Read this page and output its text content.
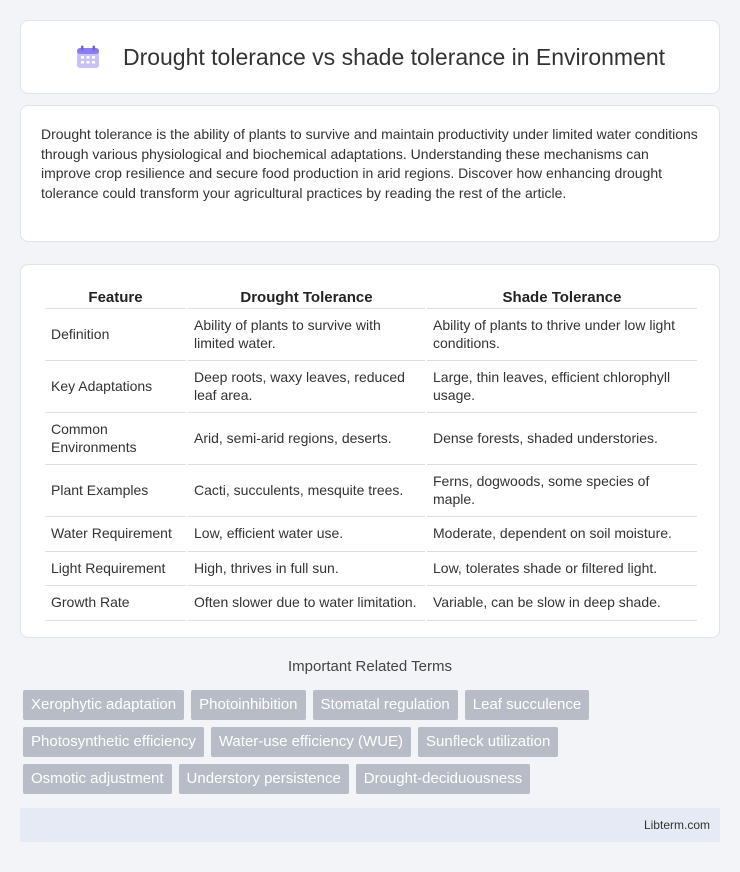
Drought tolerance vs shade tolerance in Environment

Drought tolerance is the ability of plants to survive and maintain productivity under limited water conditions through various physiological and biochemical adaptations. Understanding these mechanisms can improve crop resilience and secure food production in arid regions. Discover how enhancing drought tolerance could transform your agricultural practices by reading the rest of the article.

Feature	Drought Tolerance	Shade Tolerance
Definition	Ability of plants to survive with limited water.	Ability of plants to thrive under low light conditions.
Key Adaptations	Deep roots, waxy leaves, reduced leaf area.	Large, thin leaves, efficient chlorophyll usage.
Common Environments	Arid, semi-arid regions, deserts.	Dense forests, shaded understories.
Plant Examples	Cacti, succulents, mesquite trees.	Ferns, dogwoods, some species of maple.
Water Requirement	Low, efficient water use.	Moderate, dependent on soil moisture.
Light Requirement	High, thrives in full sun.	Low, tolerates shade or filtered light.
Growth Rate	Often slower due to water limitation.	Variable, can be slow in deep shade.
Important Related Terms
Xerophytic adaptation	Photoinhibition	Stomatal regulation	Leaf succulence
Photosynthetic efficiency	Water-use efficiency (WUE)	Sunfleck utilization
Osmotic adjustment	Understory persistence	Drought-deciduousness
Libterm.com
